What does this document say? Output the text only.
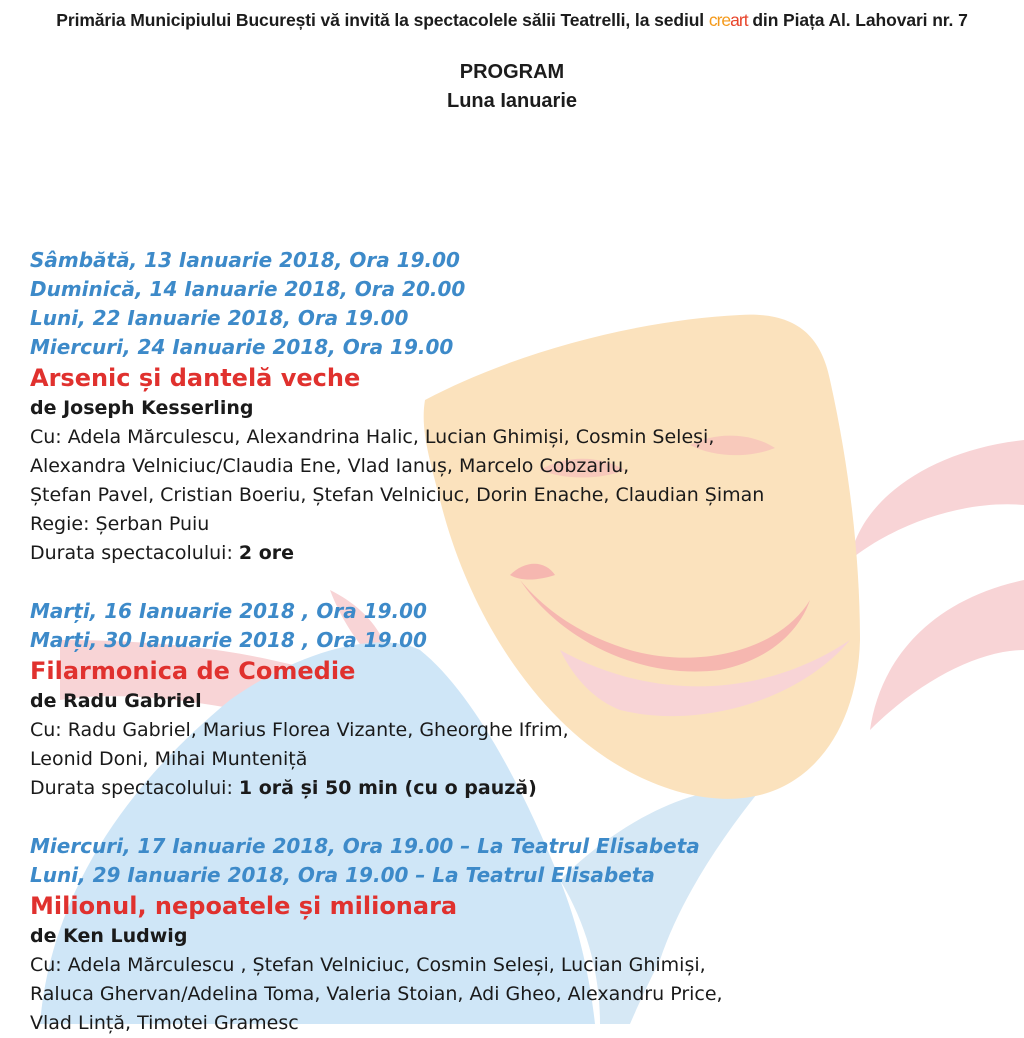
Primăria Municipiului București vă invită la spectacolele sălii Teatrelli, la sediul creart din Piața Al. Lahovari nr. 7
PROGRAM
Luna Ianuarie
Sâmbătă, 13 Ianuarie 2018, Ora 19.00
Duminică, 14 Ianuarie 2018, Ora 20.00
Luni, 22 Ianuarie 2018, Ora 19.00
Miercuri, 24 Ianuarie 2018, Ora 19.00
Arsenic și dantelă veche
de Joseph Kesserling
Cu: Adela Mărculescu, Alexandrina Halic, Lucian Ghimiși, Cosmin Seleși,
Alexandra Velniciuc/Claudia Ene, Vlad Ianuș, Marcelo Cobzariu,
Ștefan Pavel, Cristian Boeriu, Ștefan Velniciuc, Dorin Enache, Claudian Șiman
Regie: Șerban Puiu
Durata spectacolului: 2 ore
Marți, 16 Ianuarie 2018 , Ora 19.00
Marți, 30 Ianuarie 2018 , Ora 19.00
Filarmonica de Comedie
de Radu Gabriel
Cu: Radu Gabriel, Marius Florea Vizante, Gheorghe Ifrim,
Leonid Doni, Mihai Munteniță
Durata spectacolului: 1 oră și 50 min (cu o pauză)
Miercuri, 17 Ianuarie 2018, Ora 19.00 – La Teatrul Elisabeta
Luni, 29 Ianuarie 2018, Ora 19.00 – La Teatrul Elisabeta
Milionul, nepoatele și milionara
de Ken Ludwig
Cu: Adela Mărculescu , Ștefan Velniciuc, Cosmin Seleși, Lucian Ghimiși,
Raluca Ghervan/Adelina Toma, Valeria Stoian, Adi Gheo, Alexandru Price,
Vlad Lință, Timotei Gramesc
